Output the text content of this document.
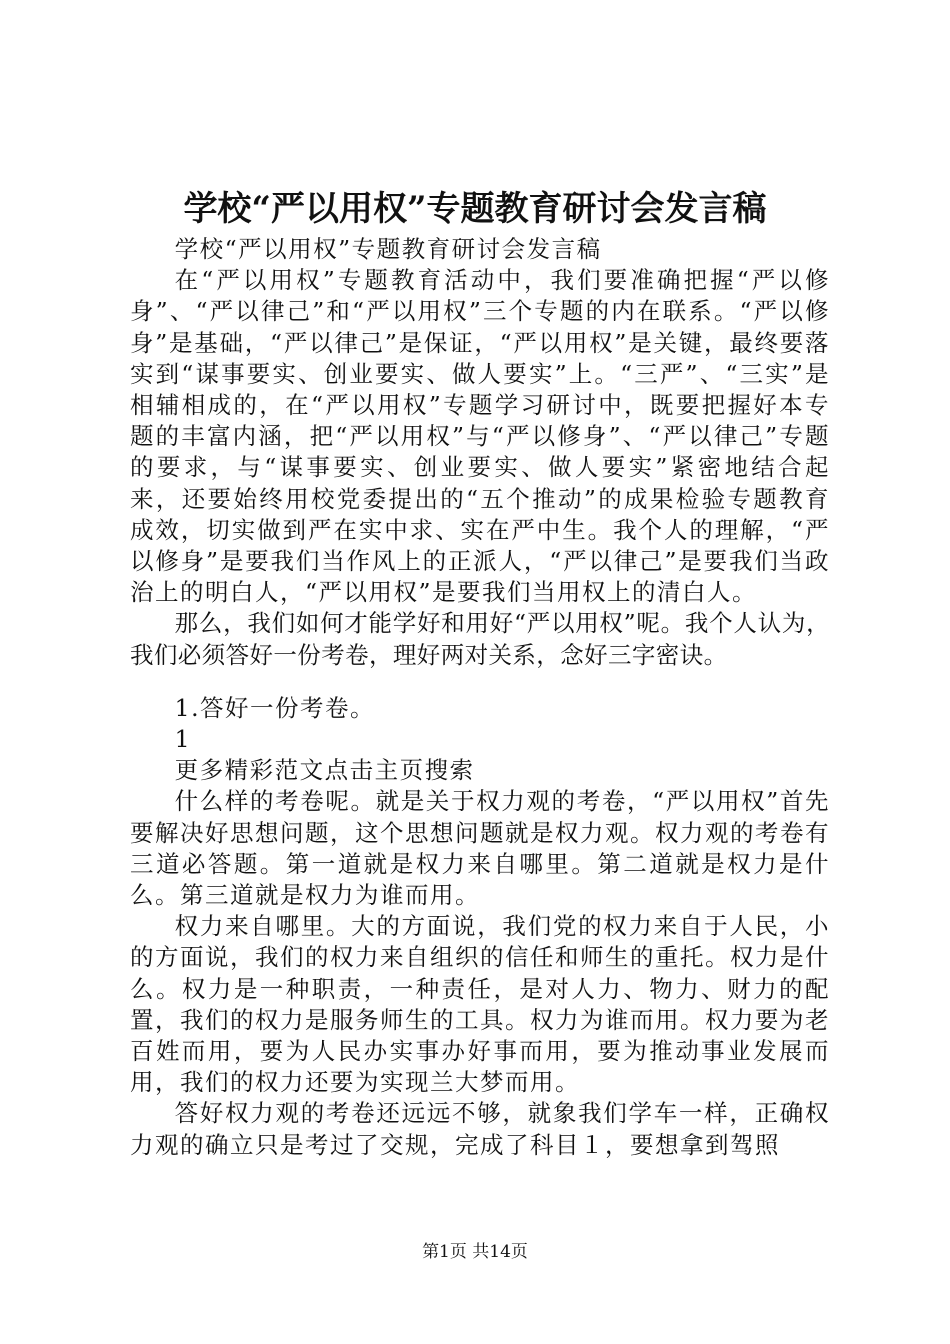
学校“严以用权”专题教育研讨会发言稿

学校“严以用权”专题教育研讨会发言稿

在“严以用权”专题教育活动中，我们要准确把握“严以修身”、“严以律己”和“严以用权”三个专题的内在联系。“严以修身”是基础，“严以律己”是保证，“严以用权”是关键，最终要落实到“谋事要实、创业要实、做人要实”上。“三严”、“三实”是相辅相成的，在“严以用权”专题学习研讨中，既要把握好本专题的丰富内涵，把“严以用权”与“严以修身”、“严以律己”专题的要求，与“谋事要实、创业要实、做人要实”紧密地结合起来，还要始终用校党委提出的“五个推动”的成果检验专题教育成效，切实做到严在实中求、实在严中生。我个人的理解，“严以修身”是要我们当作风上的正派人，“严以律己”是要我们当政治上的明白人，“严以用权”是要我们当用权上的清白人。

那么，我们如何才能学好和用好“严以用权”呢。我个人认为，我们必须答好一份考卷，理好两对关系，念好三字密诀。

1.答好一份考卷。

1

更多精彩范文点击主页搜索

什么样的考卷呢。就是关于权力观的考卷，“严以用权”首先要解决好思想问题，这个思想问题就是权力观。权力观的考卷有三道必答题。第一道就是权力来自哪里。第二道就是权力是什么。第三道就是权力为谁而用。

权力来自哪里。大的方面说，我们党的权力来自于人民，小的方面说，我们的权力来自组织的信任和师生的重托。权力是什么。权力是一种职责，一种责任，是对人力、物力、财力的配置，我们的权力是服务师生的工具。权力为谁而用。权力要为老百姓而用，要为人民办实事办好事而用，要为推动事业发展而用，我们的权力还要为实现兰大梦而用。

答好权力观的考卷还远远不够，就象我们学车一样，正确权力观的确立只是考过了交规，完成了科目１，要想拿到驾照

第1页 共14页
